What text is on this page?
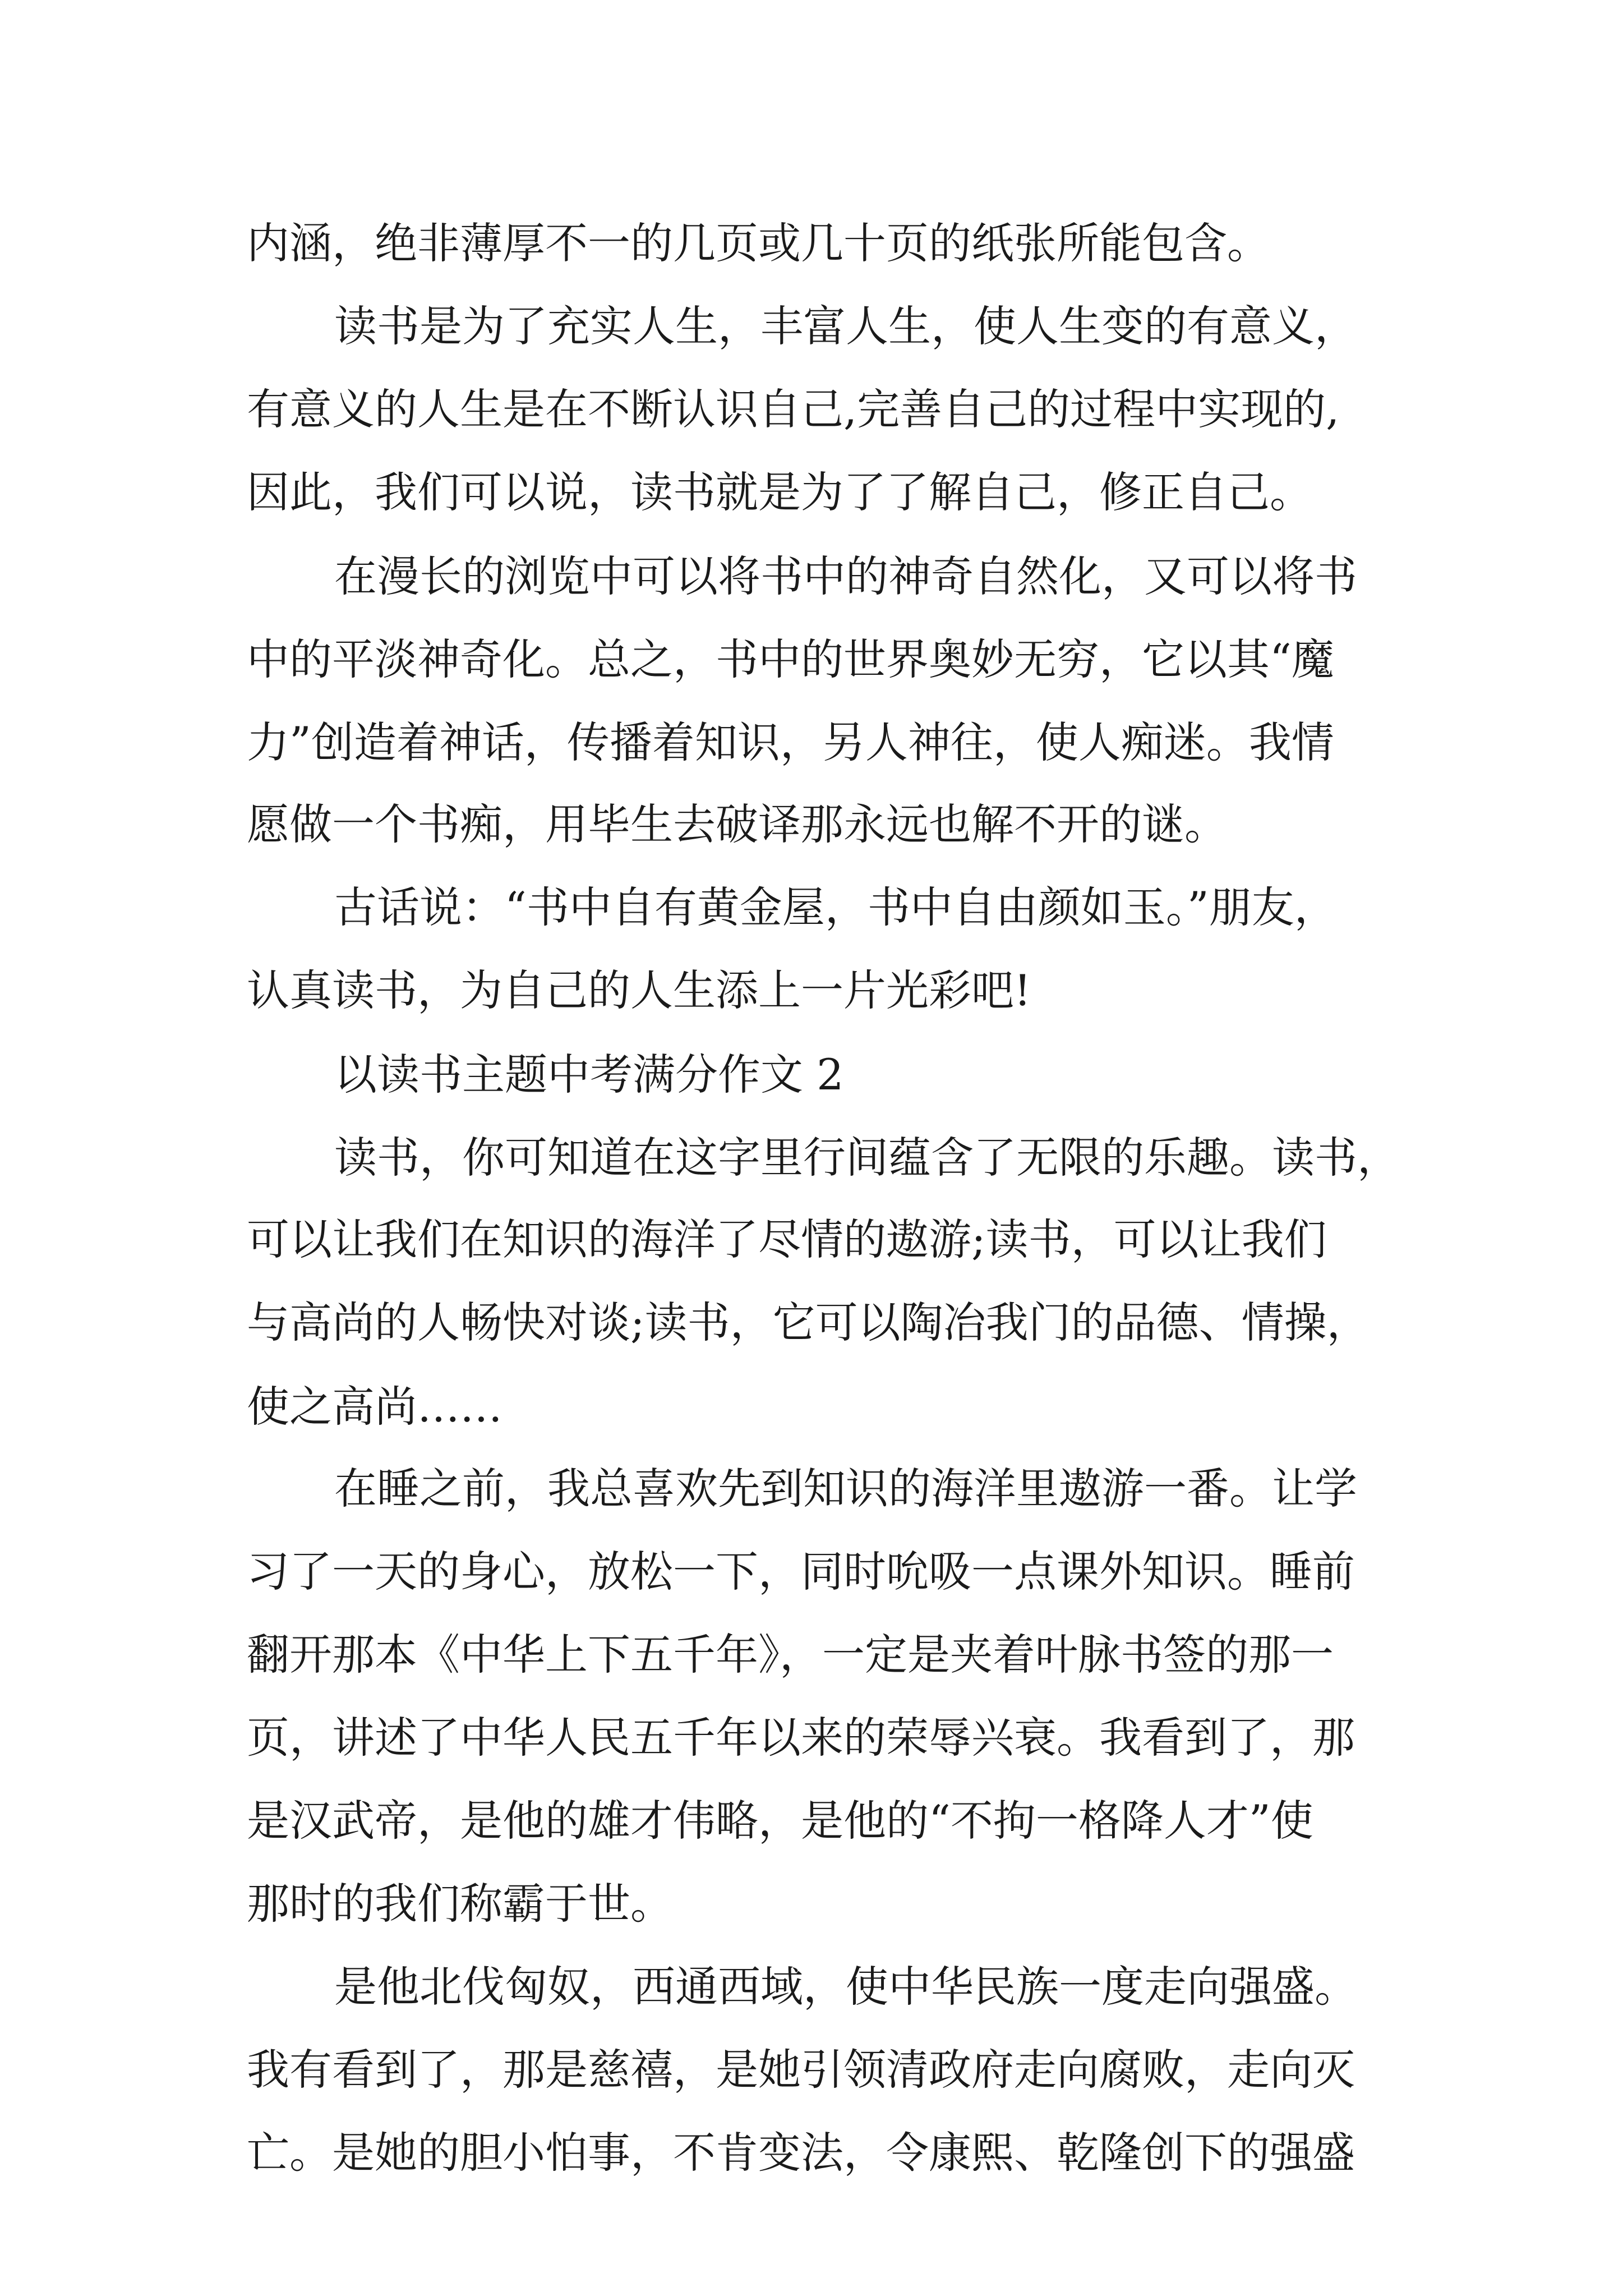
内涵，绝非薄厚不一的几页或几十页的纸张所能包含。

读书是为了充实人生，丰富人生，使人生变的有意义，

有意义的人生是在不断认识自己,完善自己的过程中实现的,

因此，我们可以说，读书就是为了了解自己，修正自己。

在漫长的浏览中可以将书中的神奇自然化，又可以将书

中的平淡神奇化。总之，书中的世界奥妙无穷，它以其“魔

力”创造着神话，传播着知识，另人神往，使人痴迷。我情

愿做一个书痴，用毕生去破译那永远也解不开的谜。

古话说：“书中自有黄金屋，书中自由颜如玉。”朋友，

认真读书，为自己的人生添上一片光彩吧!

以读书主题中考满分作文 2

读书，你可知道在这字里行间蕴含了无限的乐趣。读书，

可以让我们在知识的海洋了尽情的遨游;读书，可以让我们

与高尚的人畅快对谈;读书，它可以陶冶我门的品德、情操，

使之高尚……

在睡之前，我总喜欢先到知识的海洋里遨游一番。让学

习了一天的身心，放松一下，同时吮吸一点课外知识。睡前

翻开那本《中华上下五千年》，一定是夹着叶脉书签的那一

页，讲述了中华人民五千年以来的荣辱兴衰。我看到了，那

是汉武帝，是他的雄才伟略，是他的“不拘一格降人才”使

那时的我们称霸于世。

是他北伐匈奴，西通西域，使中华民族一度走向强盛。

我有看到了，那是慈禧，是她引领清政府走向腐败，走向灭

亡。是她的胆小怕事，不肯变法，令康熙、乾隆创下的强盛
